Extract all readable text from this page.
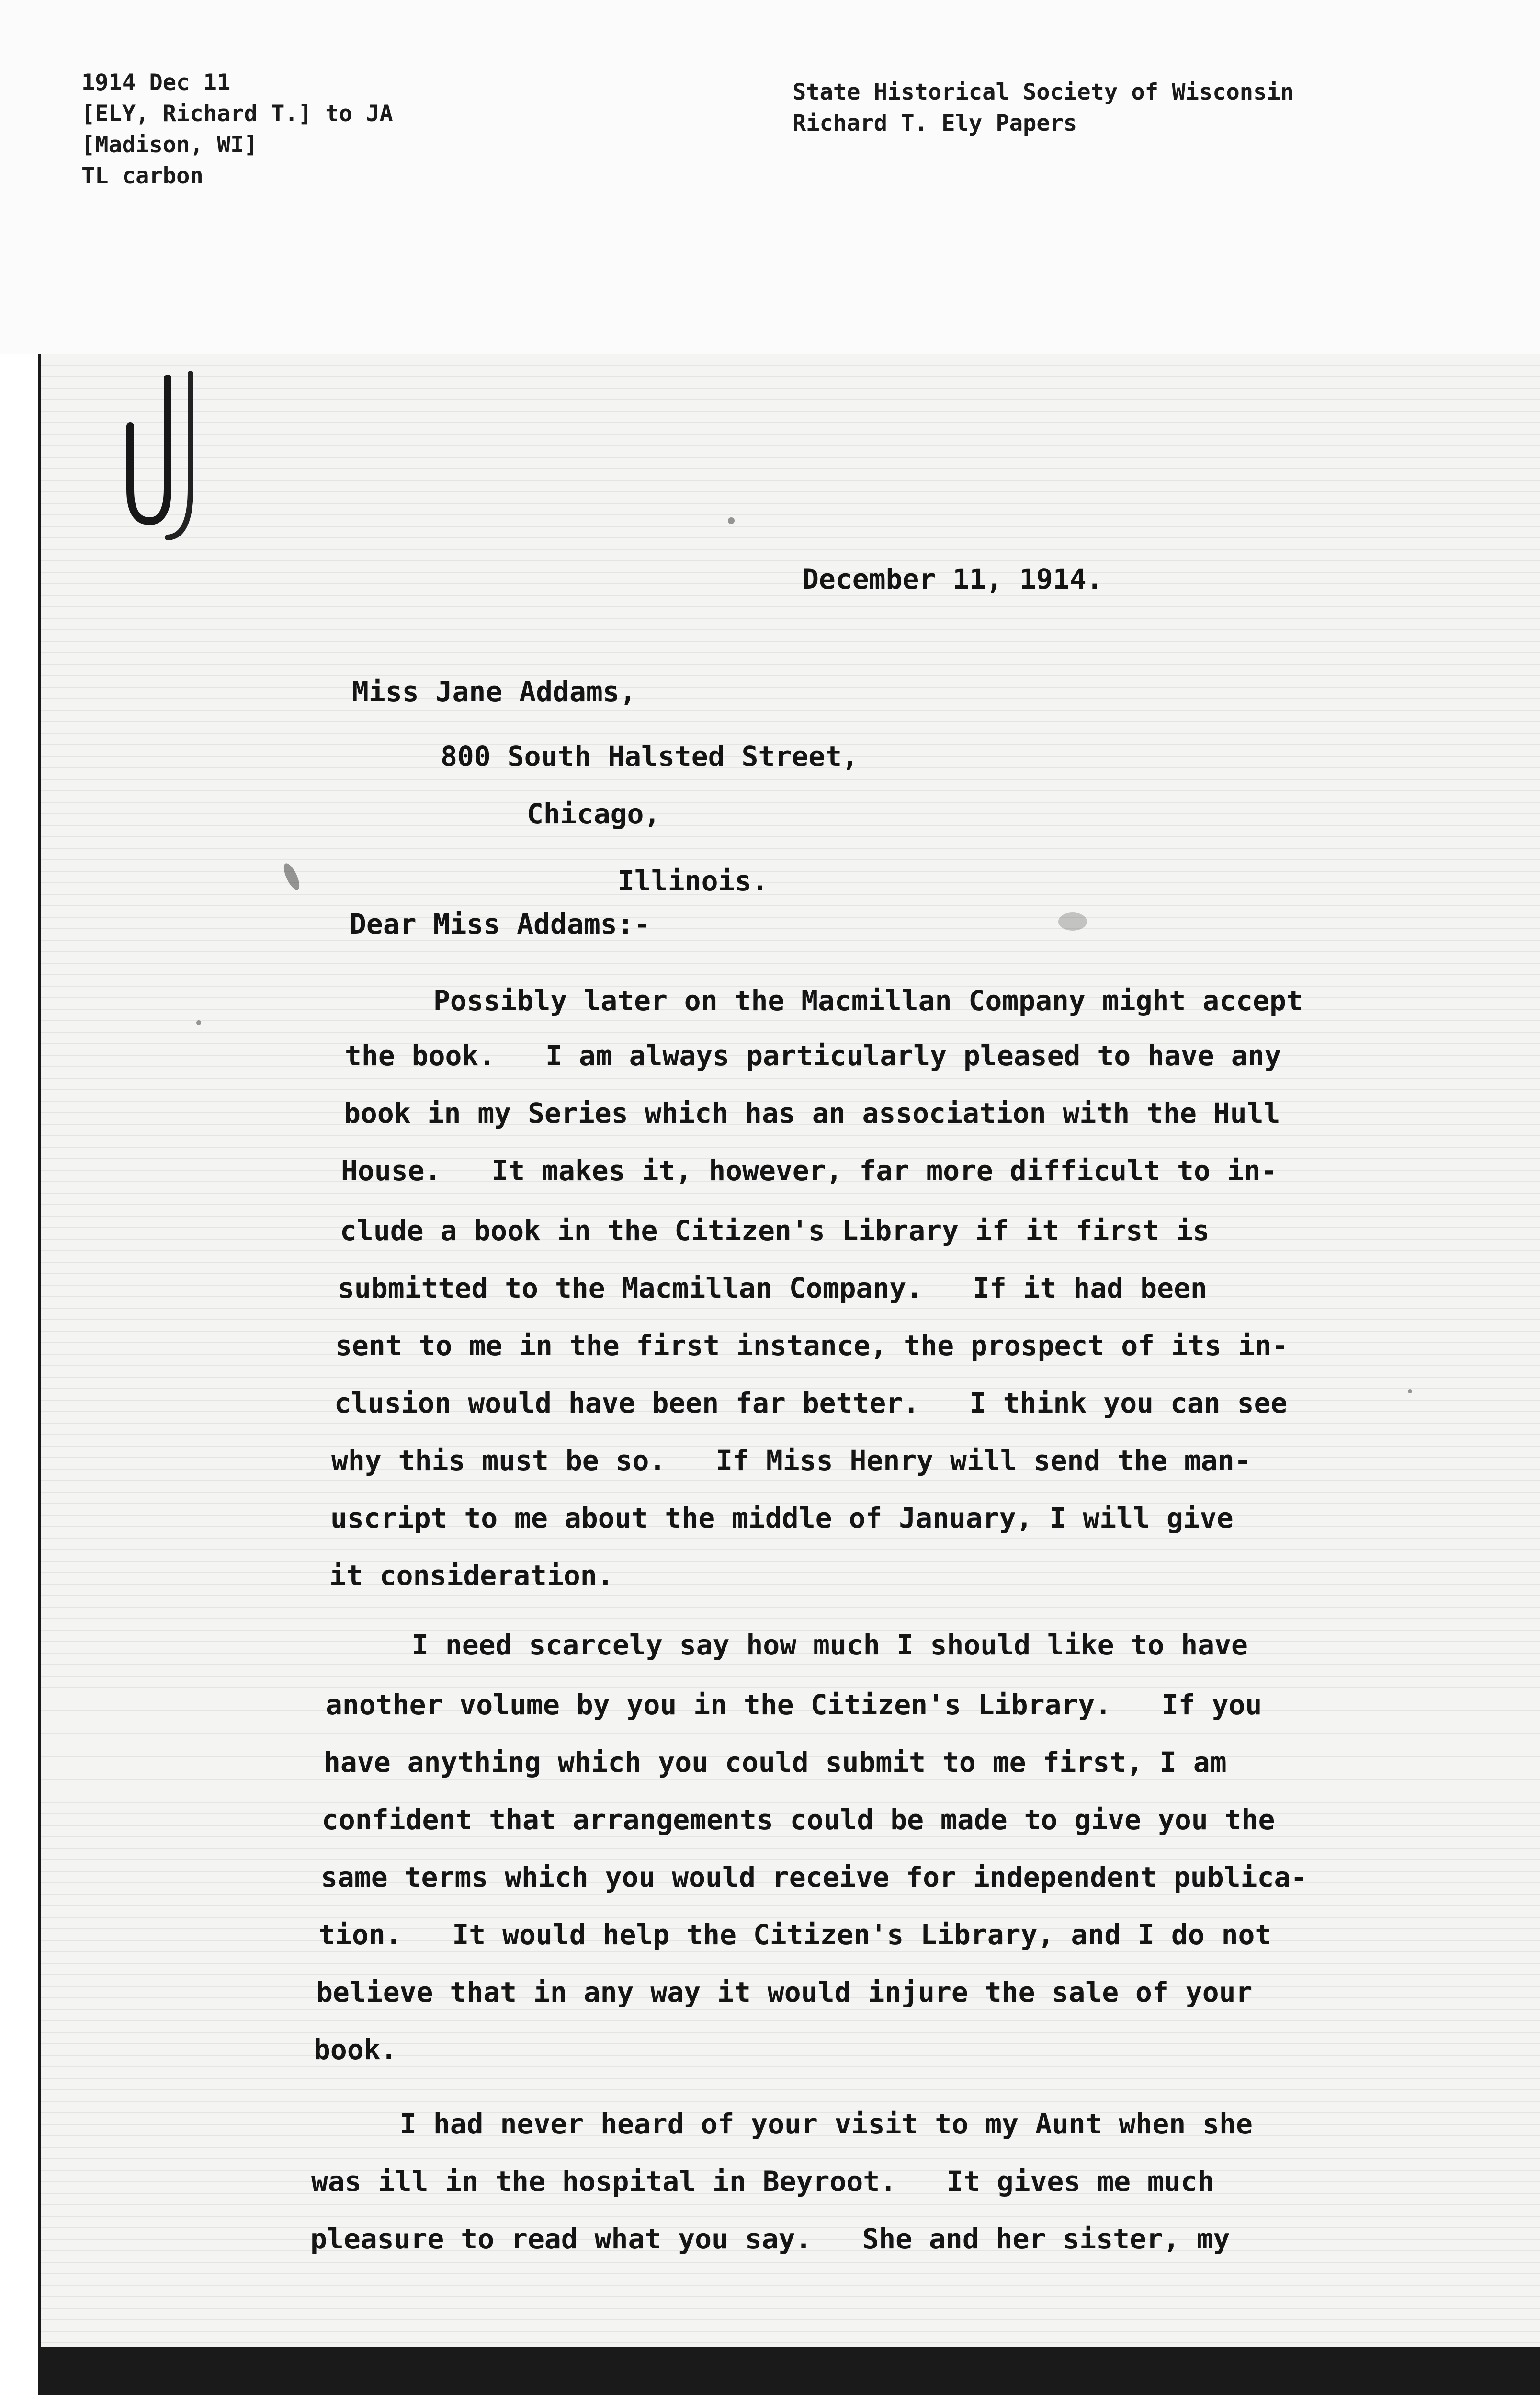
1914 Dec 11
[ELY, Richard T.] to JA
[Madison, WI]
TL carbon
State Historical Society of Wisconsin
Richard T. Ely Papers
December 11, 1914.
Miss Jane Addams,
800 South Halsted Street,
Chicago,
Illinois.
Dear Miss Addams:-
Possibly later on the Macmillan Company might accept
the book.   I am always particularly pleased to have any
book in my Series which has an association with the Hull
House.   It makes it, however, far more difficult to in-
clude a book in the Citizen's Library if it first is
submitted to the Macmillan Company.   If it had been
sent to me in the first instance, the prospect of its in-
clusion would have been far better.   I think you can see
why this must be so.   If Miss Henry will send the man-
uscript to me about the middle of January, I will give
it consideration.
I need scarcely say how much I should like to have
another volume by you in the Citizen's Library.   If you
have anything which you could submit to me first, I am
confident that arrangements could be made to give you the
same terms which you would receive for independent publica-
tion.   It would help the Citizen's Library, and I do not
believe that in any way it would injure the sale of your
book.
I had never heard of your visit to my Aunt when she
was ill in the hospital in Beyroot.   It gives me much
pleasure to read what you say.   She and her sister, my
